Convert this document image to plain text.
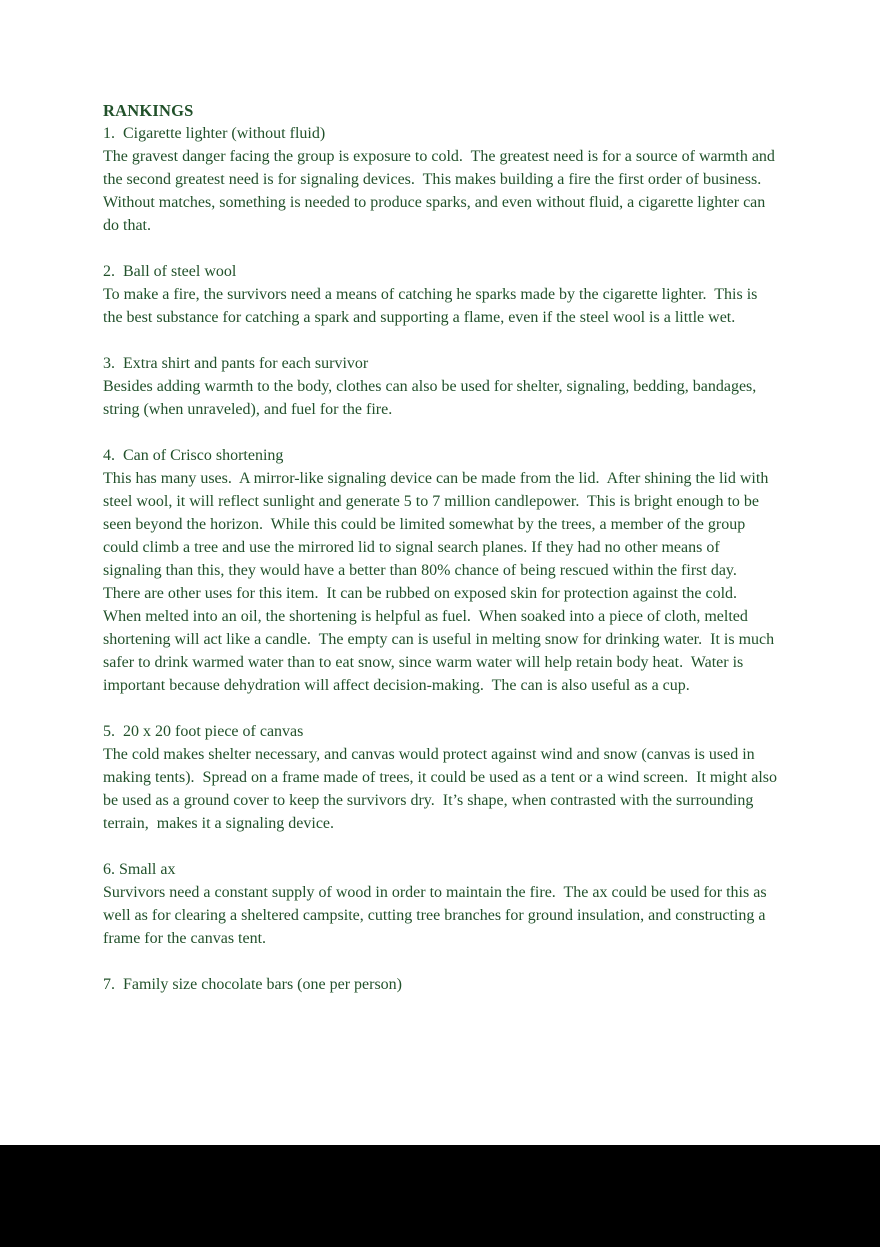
RANKINGS

1.  Cigarette lighter (without fluid)

The gravest danger facing the group is exposure to cold.  The greatest need is for a source of warmth and the second greatest need is for signaling devices.  This makes building a fire the first order of business. Without matches, something is needed to produce sparks, and even without fluid, a cigarette lighter can do that.

2.  Ball of steel wool

To make a fire, the survivors need a means of catching he sparks made by the cigarette lighter.  This is the best substance for catching a spark and supporting a flame, even if the steel wool is a little wet.

3.  Extra shirt and pants for each survivor

Besides adding warmth to the body, clothes can also be used for shelter, signaling, bedding, bandages, string (when unraveled), and fuel for the fire.

4.  Can of Crisco shortening

This has many uses.  A mirror-like signaling device can be made from the lid.  After shining the lid with steel wool, it will reflect sunlight and generate 5 to 7 million candlepower.  This is bright enough to be seen beyond the horizon.  While this could be limited somewhat by the trees, a member of the group could climb a tree and use the mirrored lid to signal search planes. If they had no other means of signaling than this, they would have a better than 80% chance of being rescued within the first day.

There are other uses for this item.  It can be rubbed on exposed skin for protection against the cold.  When melted into an oil, the shortening is helpful as fuel.  When soaked into a piece of cloth, melted shortening will act like a candle.  The empty can is useful in melting snow for drinking water.  It is much safer to drink warmed water than to eat snow, since warm water will help retain body heat.  Water is important because dehydration will affect decision-making.  The can is also useful as a cup.

5.  20 x 20 foot piece of canvas

The cold makes shelter necessary, and canvas would protect against wind and snow (canvas is used in making tents).  Spread on a frame made of trees, it could be used as a tent or a wind screen.  It might also be used as a ground cover to keep the survivors dry.  It’s shape, when contrasted with the surrounding terrain,  makes it a signaling device.

6. Small ax

Survivors need a constant supply of wood in order to maintain the fire.  The ax could be used for this as well as for clearing a sheltered campsite, cutting tree branches for ground insulation, and constructing a frame for the canvas tent.

7.  Family size chocolate bars (one per person)
